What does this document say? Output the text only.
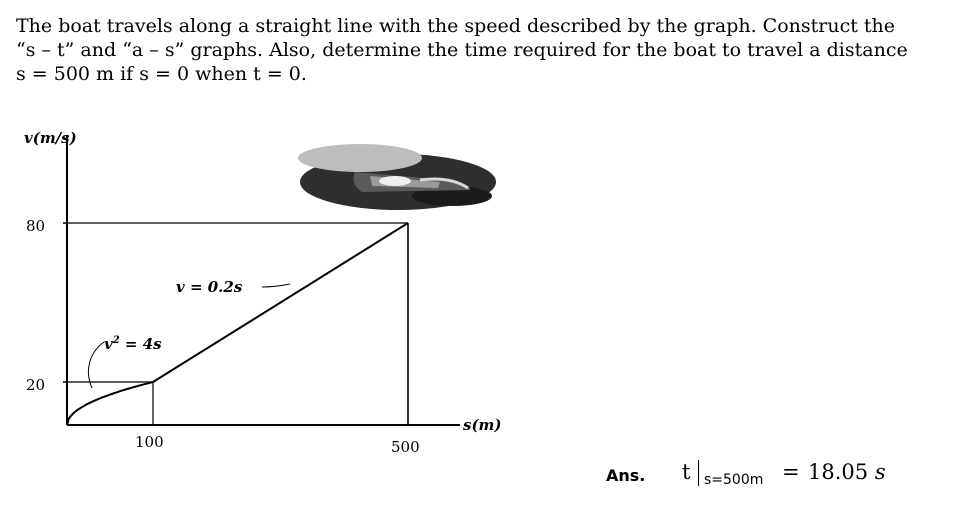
The boat travels along a straight line with the speed described by the graph. Construct the
“s – t” and “a – s” graphs. Also, determine the time required for the boat to travel a distance
s = 500 m if s = 0 when t = 0.
v(m/s)
s(m)
80
20
100	500
v = 0.2s
$v^2 = 4s$
Ans. t s=500m = 18.05 s
